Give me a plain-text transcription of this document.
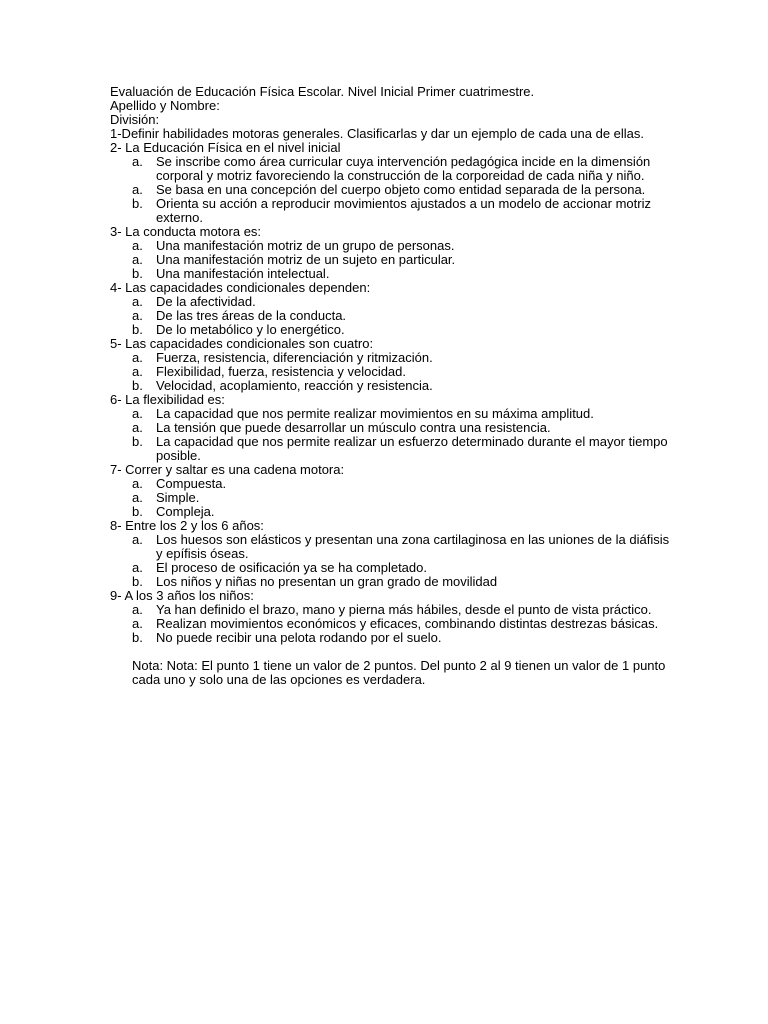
Evaluación de Educación Física Escolar. Nivel Inicial Primer cuatrimestre.

Apellido y Nombre:

División:

1-Definir habilidades motoras generales. Clasificarlas y dar un ejemplo de cada una de ellas.

2- La Educación Física en el nivel inicial

a. Se inscribe como área curricular cuya intervención pedagógica incide en la dimensión corporal y motriz favoreciendo la construcción de la corporeidad de cada niña y niño.
a. Se basa en una concepción del cuerpo objeto como entidad separada de la persona.
b. Orienta su acción a reproducir movimientos ajustados a un modelo de accionar motriz externo.

3- La conducta motora es:

a. Una manifestación motriz de un grupo de personas.
a. Una manifestación motriz de un sujeto en particular.
b. Una manifestación intelectual.

4- Las capacidades condicionales dependen:

a. De la afectividad.
a. De las tres áreas de la conducta.
b. De lo metabólico y lo energético.

5- Las capacidades condicionales son cuatro:

a. Fuerza, resistencia, diferenciación y ritmización.
a. Flexibilidad, fuerza, resistencia y velocidad.
b. Velocidad, acoplamiento, reacción y resistencia.

6- La flexibilidad es:

a. La capacidad que nos permite realizar movimientos en su máxima amplitud.
a. La tensión que puede desarrollar un músculo contra una resistencia.
b. La capacidad que nos permite realizar un esfuerzo determinado durante el mayor tiempo posible.

7- Correr y saltar es una cadena motora:

a. Compuesta.
a. Simple.
b. Compleja.

8- Entre los 2 y los 6 años:

a. Los huesos son elásticos y presentan una zona cartilaginosa en las uniones de la diáfisis y epífisis óseas.
a. El proceso de osificación ya se ha completado.
b. Los niños y niñas no presentan un gran grado de movilidad

9- A los 3 años los niños:

a. Ya han definido el brazo, mano y pierna más hábiles, desde el punto de vista práctico.
a. Realizan movimientos económicos y eficaces, combinando distintas destrezas básicas.
b. No puede recibir una pelota rodando por el suelo.

Nota: Nota: El punto 1 tiene un valor de 2 puntos. Del punto 2 al 9 tienen un valor de 1 punto cada uno y solo una de las opciones es verdadera.
